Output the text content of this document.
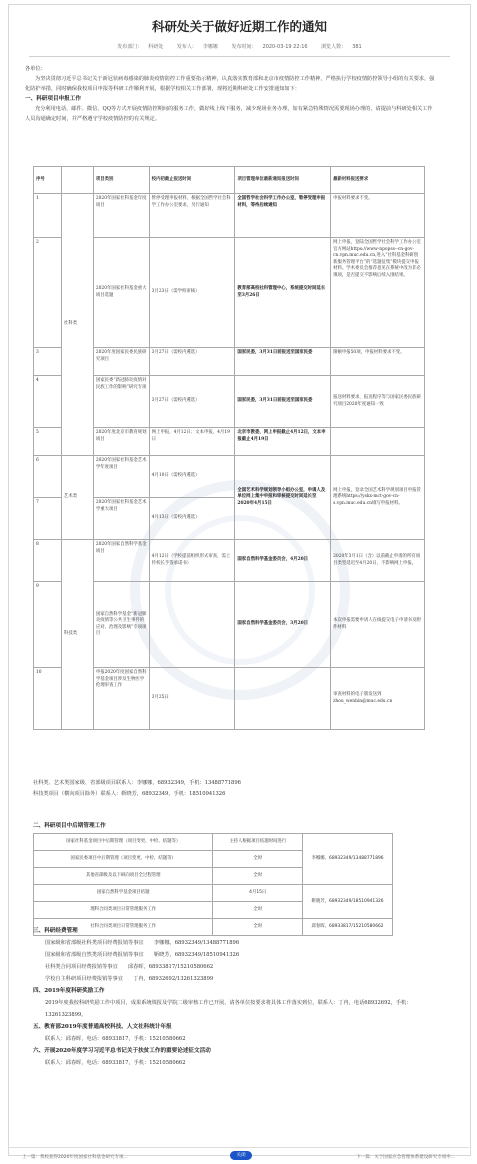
科研处关于做好近期工作的通知
发布部门： 科研处	发布人： 李娜娜	发布时间： 2020-03-19 22:16	浏览人数： 381

各单位：

为坚决贯彻习近平总书记关于新冠状病毒感染的肺炎疫情防控工作重要指示精神，认真落实教育部和北京市疫情防控工作精神，严格执行学校疫情防控领导小组的有关要求，强化防护举措，同时确保我校项目申报等科研工作顺利开展，根据学校相关工作部署，现将近期科研处工作安排通知如下：

一、科研项目申报工作

充分利用电话、邮件、微信、QQ等方式开展疫情防控期间的服务工作，做好线上线下服务，减少现场业务办理，如有紧急特殊情况需要现场办理的，请提前与科研处相关工作人员沟通确定时间，并严格遵守学校疫情防控的有关规定。

序号		项目类别	校内初截止报送时间	项目管理单位最新通知报送时间	最新材料报送要求
1	社科类	2020年国家社科基金年度项目	暂停受理申报材料，根据全国哲学社会科学工作办公室要求，另行通知	全国哲学社会科学工作办公室，暂停受理申报材料，等待后续通知	申报材料要求不变。
2		2020年国家社科基金重大项目选题	3月23日（需学校审核）	教育部高校社科管理中心，系统提交时间延长至3月26日	网上申报，登陆全国哲学社会科学工作办公室官方网站https://www-npopss--cn-gov-cn.vpn.muc.edu.cn,进入“社科基金科研创新服务管理平台”的“选题征集”模块提交申报材料。学术委员会推荐意见在系统中改为非必填项，是否提交不影响后续入围结果。
3		2020年度国家民委民族研究项目	3月27日（需校内遴选）	国家民委，3月31日前报送至国家民委	限额申报50项，申报材料要求不变。
4		国家民委“新冠肺炎疫情对民族工作的影响”研究专项	3月27日（需校内遴选）	国家民委，3月31日前报送至国家民委	报送材料要求，报送程序等与国家民委民族研究项目2020年度通知一致
5		2020年度北京市教育规划项目	网上申报，4月12日；文本申报，4月19日	北京市教委，网上申报截止4月12日，文本申报截止4月19日	
6	艺术类	2020年国家社科基金艺术学年度项目	4月10日（需校内遴选）	全国艺术科学规划领导小组办公室，申请人及单位网上集中申报和审核提交时间延长至2020年4月15日	网上申报，登录全国艺术科学规划项目申报管理系统https://yskx-mct-gov-cn-s.vpn.muc.edu.cn填写申报材料。
7		2020年国家社科基金艺术学重大项目	4月13日（需校内遴选）		
8	科技类	2020年国家自然科学基金项目	4月12日（学校提前组织形式审查，需上传校长手签承诺书）	国家自然科学基金委员会，4月20日	2020年3月1日（含）以前截止申请的所有项目类型延迟至4月20日，不影响网上申报。
9		国家自然科学基金“新冠肺炎疫情等公共卫生事件的应对、治理及影响”专项项目		国家自然科学基金委员会，3月20日	本次申报需要申请人在线提交电子申请书及附件材料
10		申报2020年度国家自然科学基金项目涉及生物医学伦理审查工作	3月25日		审查材料的电子版发送到zhou_wenbin@muc.edu.cn
社科类、艺术类国家级、省部级项目联系人：李娜娜，68932349，手机：13488771896
科技类项目（横向项目除外）联系人：靳晓芳，68932349，手机：18510941326
二、科研项目中后期管理工作
国家社科基金项目中后期管理（项目变更、中检、结题等）	主持人根据项目结题时间进行	李娜娜，68932349/13488771896
国家民委项目中后期管理（项目变更、中检、结题等）	全时	
其他省部级及以下纵向项目全过程管理	全时	
国家自然科学基金项目结题	4月15日	靳晓芳，68932349/18510941326
理科合同类项目日常管理服务工作	全时	
社科合同类项目日常管理服务工作	全时	邱春晖，68933817/15210580662

三、科研经费管理

国家级和省部级社科类项目经费报销等事宜　　李娜娜，68932349/13488771896

国家级和省部级自然类项目经费报销等事宜　　靳晓芳，68932349/18510941326

社科类合同项目经费报销等事宜　　邱春晖，68933817/15210580662

学校自主科研项目经费报销等事宜　　丁冉，68932692/13261323899

四、2019年度科研奖励工作

2019年度我校科研奖励工作中项目，成果系统填报及学院二级审核工作已开展，请各单位按要求将具体工作落实到位，联系人：丁冉，电话68932692，手机：13261323899。

五、教育部2019年度普通高校科技、人文社科统计年报

联系人：邱春晖，电话：68933817，手机：15210580662

六、开展2020年度学习习近平总书记关于扶贫工作的重要论述征文活动

联系人：邱春晖，电话：68933817，手机：15210580662

上一篇：我校获得2020年度国家社科基金研究专项...	关闭	下一篇：关于国家应急管理体系建设研究专项申...
